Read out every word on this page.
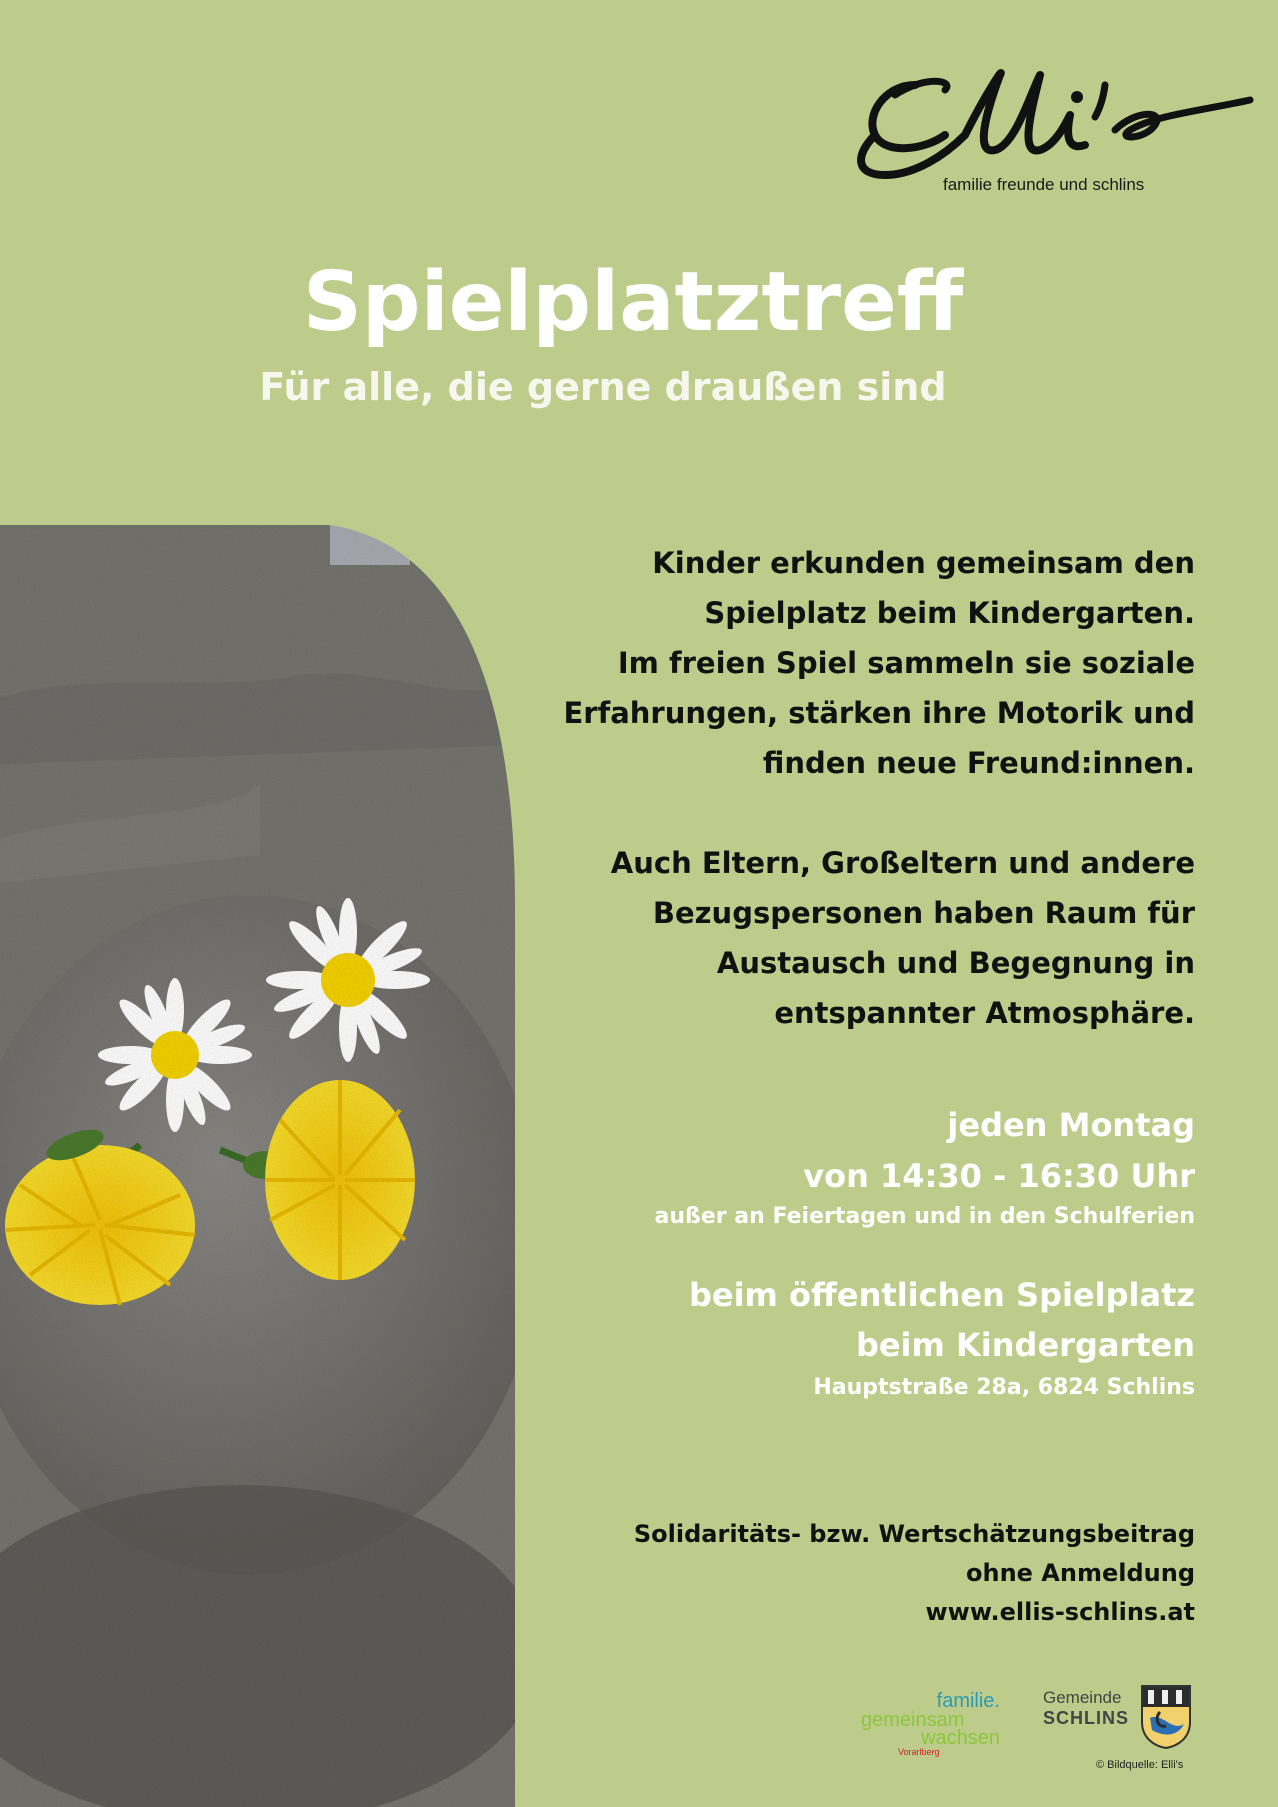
familie freunde und schlins
Spielplatztreff
Für alle, die gerne draußen sind
Kinder erkunden gemeinsam den
Spielplatz beim Kindergarten.
Im freien Spiel sammeln sie soziale
Erfahrungen, stärken ihre Motorik und
finden neue Freund:innen.
Auch Eltern, Großeltern und andere
Bezugspersonen haben Raum für
Austausch und Begegnung in
entspannter Atmosphäre.
jeden Montag
von 14:30 - 16:30 Uhr
außer an Feiertagen und in den Schulferien
beim öffentlichen Spielplatz
beim Kindergarten
Hauptstraße 28a, 6824 Schlins
Solidaritäts- bzw. Wertschätzungsbeitrag
ohne Anmeldung
www.ellis-schlins.at
familie.
gemeinsam
wachsen
Vorarlberg
Gemeinde
SCHLINS
© Bildquelle: Elli's
